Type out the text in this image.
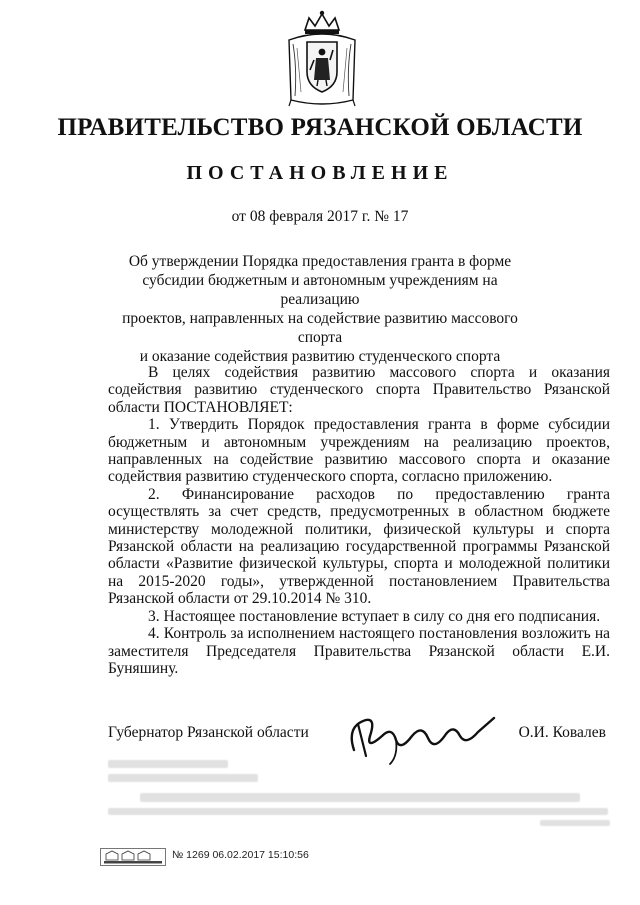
ПРАВИТЕЛЬСТВО РЯЗАНСКОЙ ОБЛАСТИ
ПОСТАНОВЛЕНИЕ
от 08 февраля 2017 г. № 17
Об утверждении Порядка предоставления гранта в форме
субсидии бюджетным и автономным учреждениям на реализацию
проектов, направленных на содействие развитию массового спорта
и оказание содействия развитию студенческого спорта

В целях содействия развитию массового спорта и оказания содействия развитию студенческого спорта Правительство Рязанской области ПОСТАНОВЛЯЕТ:

1. Утвердить Порядок предоставления гранта в форме субсидии бюджетным и автономным учреждениям на реализацию проектов, направленных на содействие развитию массового спорта и оказание содействия развитию студенческого спорта, согласно приложению.

2. Финансирование расходов по предоставлению гранта осуществлять за счет средств, предусмотренных в областном бюджете министерству молодежной политики, физической культуры и спорта Рязанской области на реализацию государственной программы Рязанской области «Развитие физической культуры, спорта и молодежной политики на 2015-2020 годы», утвержденной постановлением Правительства Рязанской области от 29.10.2014 № 310.

3. Настоящее постановление вступает в силу со дня его подписания.

4. Контроль за исполнением настоящего постановления возложить на заместителя Председателя Правительства Рязанской области Е.И. Буняшину.

Губернатор Рязанской области	О.И. Ковалев
№ 1269 06.02.2017 15:10:56
